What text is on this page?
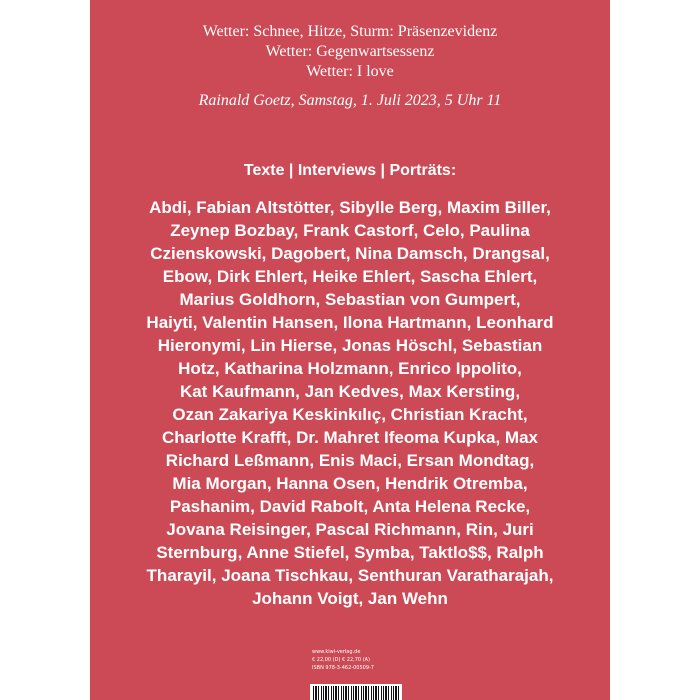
Wetter: Schnee, Hitze, Sturm: Präsenzevidenz
Wetter: Gegenwartsessenz
Wetter: I love
Rainald Goetz, Samstag, 1. Juli 2023, 5 Uhr 11
Texte | Interviews | Porträts:
Abdi, Fabian Altstötter, Sibylle Berg, Maxim Biller,
Zeynep Bozbay, Frank Castorf, Celo, Paulina
Czienskowski, Dagobert, Nina Damsch, Drangsal,
Ebow, Dirk Ehlert, Heike Ehlert, Sascha Ehlert,
Marius Goldhorn, Sebastian von Gumpert,
Haiyti, Valentin Hansen, Ilona Hartmann, Leonhard
Hieronymi, Lin Hierse, Jonas Höschl, Sebastian
Hotz, Katharina Holzmann, Enrico Ippolito,
Kat Kaufmann, Jan Kedves, Max Kersting,
Ozan Zakariya Keskinkılıç, Christian Kracht,
Charlotte Krafft, Dr. Mahret Ifeoma Kupka, Max
Richard Leßmann, Enis Maci, Ersan Mondtag,
Mia Morgan, Hanna Osen, Hendrik Otremba,
Pashanim, David Rabolt, Anta Helena Recke,
Jovana Reisinger, Pascal Richmann, Rin, Juri
Sternburg, Anne Stiefel, Symba, Taktlo$$, Ralph
Tharayil, Joana Tischkau, Senthuran Varatharajah,
Johann Voigt, Jan Wehn
www.kiwi-verlag.de
€ 22,00 (D) € 22,70 (A)
ISBN 978-3-462-00509-7
